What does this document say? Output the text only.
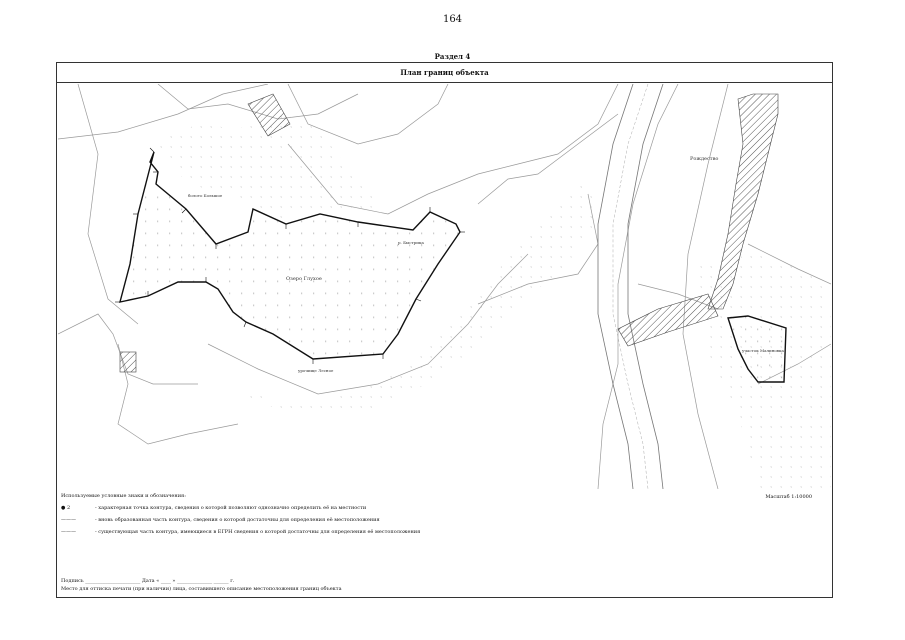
164
Раздел 4
План границ объекта
Озеро Глухое
Рождество
участок Малиновка
болото Большое
р. Быстрица
урочище Лесное
Масштаб 1:10000
Используемые условные знаки и обозначения:
● 2	- характерная точка контура, сведения о которой позволяют однозначно определить её на местности
———	- вновь образованная часть контура, сведения о которой достаточны для определения её местоположения
———	- существующая часть контура, имеющиеся в ЕГРН сведения о которой достаточны для определения её местоположения
Подпись ______________________ Дата « ____ » ______________ ______ г.
Место для оттиска печати (при наличии) лица, составившего описание местоположения границ объекта
